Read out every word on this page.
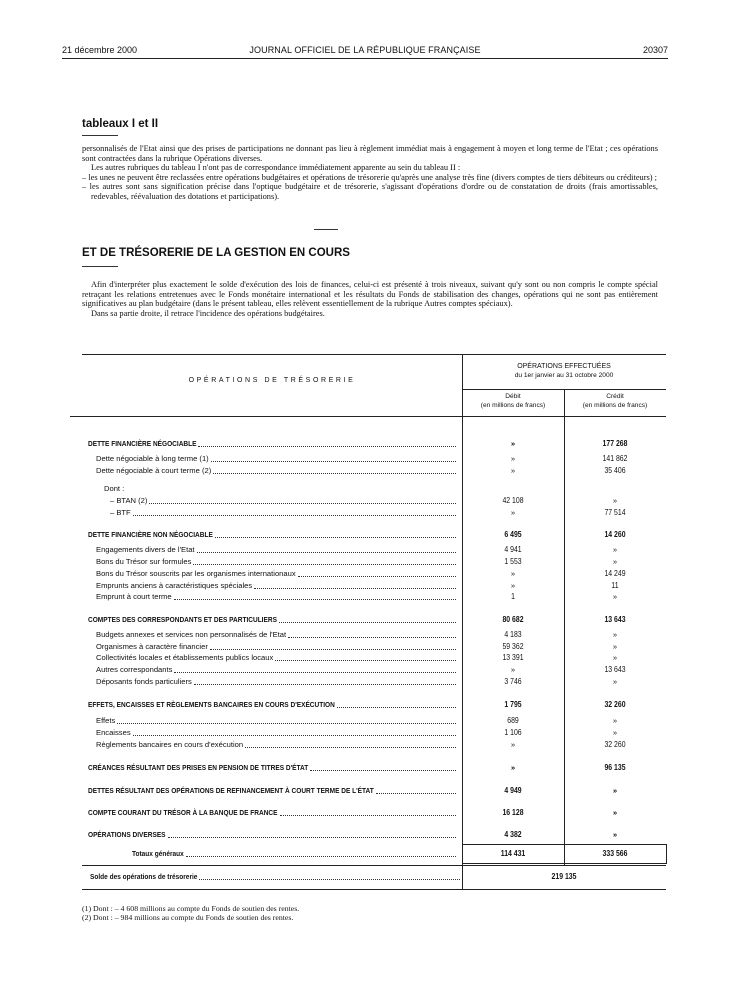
21 décembre 2000	JOURNAL OFFICIEL DE LA RÉPUBLIQUE FRANÇAISE	20307
tableaux I et II

personnalisés de l'Etat ainsi que des prises de participations ne donnant pas lieu à règlement immédiat mais à engagement à moyen et long terme de l'Etat ; ces opérations sont contractées dans la rubrique Opérations diverses.

Les autres rubriques du tableau I n'ont pas de correspondance immédiatement apparente au sein du tableau II :

– les unes ne peuvent être reclassées entre opérations budgétaires et opérations de trésorerie qu'après une analyse très fine (divers comptes de tiers débiteurs ou créditeurs) ;

– les autres sont sans signification précise dans l'optique budgétaire et de trésorerie, s'agissant d'opérations d'ordre ou de constatation de droits (frais amortissables, redevables, réévaluation des dotations et participations).

ET DE TRÉSORERIE DE LA GESTION EN COURS

Afin d'interpréter plus exactement le solde d'exécution des lois de finances, celui-ci est présenté à trois niveaux, suivant qu'y sont ou non compris le compte spécial retraçant les relations entretenues avec le Fonds monétaire international et les résultats du Fonds de stabilisation des changes, opérations qui ne sont pas entièrement significatives au plan budgétaire (dans le présent tableau, elles relèvent essentiellement de la rubrique Autres comptes spéciaux).

Dans sa partie droite, il retrace l'incidence des opérations budgétaires.

OPÉRATIONS DE TRÉSORERIE
OPÉRATIONS EFFECTUÉES
du 1er janvier au 31 octobre 2000
Débit
(en millions de francs)
Crédit
(en millions de francs)
DETTE FINANCIÈRE NÉGOCIABLE	»	177 268
Dette négociable à long terme (1)	»	141 862
Dette négociable à court terme (2)	»	35 406
Dont :
– BTAN (2)	42 108	»
– BTF	»	77 514
DETTE FINANCIÈRE NON NÉGOCIABLE	6 495	14 260
Engagements divers de l'Etat	4 941	»
Bons du Trésor sur formules	1 553	»
Bons du Trésor souscrits par les organismes internationaux	»	14 249
Emprunts anciens à caractéristiques spéciales	»	11
Emprunt à court terme	1	»
COMPTES DES CORRESPONDANTS ET DES PARTICULIERS	80 682	13 643
Budgets annexes et services non personnalisés de l'Etat	4 183	»
Organismes à caractère financier	59 362	»
Collectivités locales et établissements publics locaux	13 391	»
Autres correspondants	»	13 643
Déposants fonds particuliers	3 746	»
EFFETS, ENCAISSES ET RÈGLEMENTS BANCAIRES EN COURS D'EXÉCUTION	1 795	32 260
Effets	689	»
Encaisses	1 106	»
Règlements bancaires en cours d'exécution	»	32 260
CRÉANCES RÉSULTANT DES PRISES EN PENSION DE TITRES D'ÉTAT	»	96 135
DETTES RÉSULTANT DES OPÉRATIONS DE REFINANCEMENT À COURT TERME DE L'ÉTAT	4 949	»
COMPTE COURANT DU TRÉSOR À LA BANQUE DE FRANCE	16 128	»
OPÉRATIONS DIVERSES	4 382	»
Totaux généraux	114 431	333 566
Solde des opérations de trésorerie	219 135

(1) Dont : – 4 608 millions au compte du Fonds de soutien des rentes.

(2) Dont : – 984 millions au compte du Fonds de soutien des rentes.
